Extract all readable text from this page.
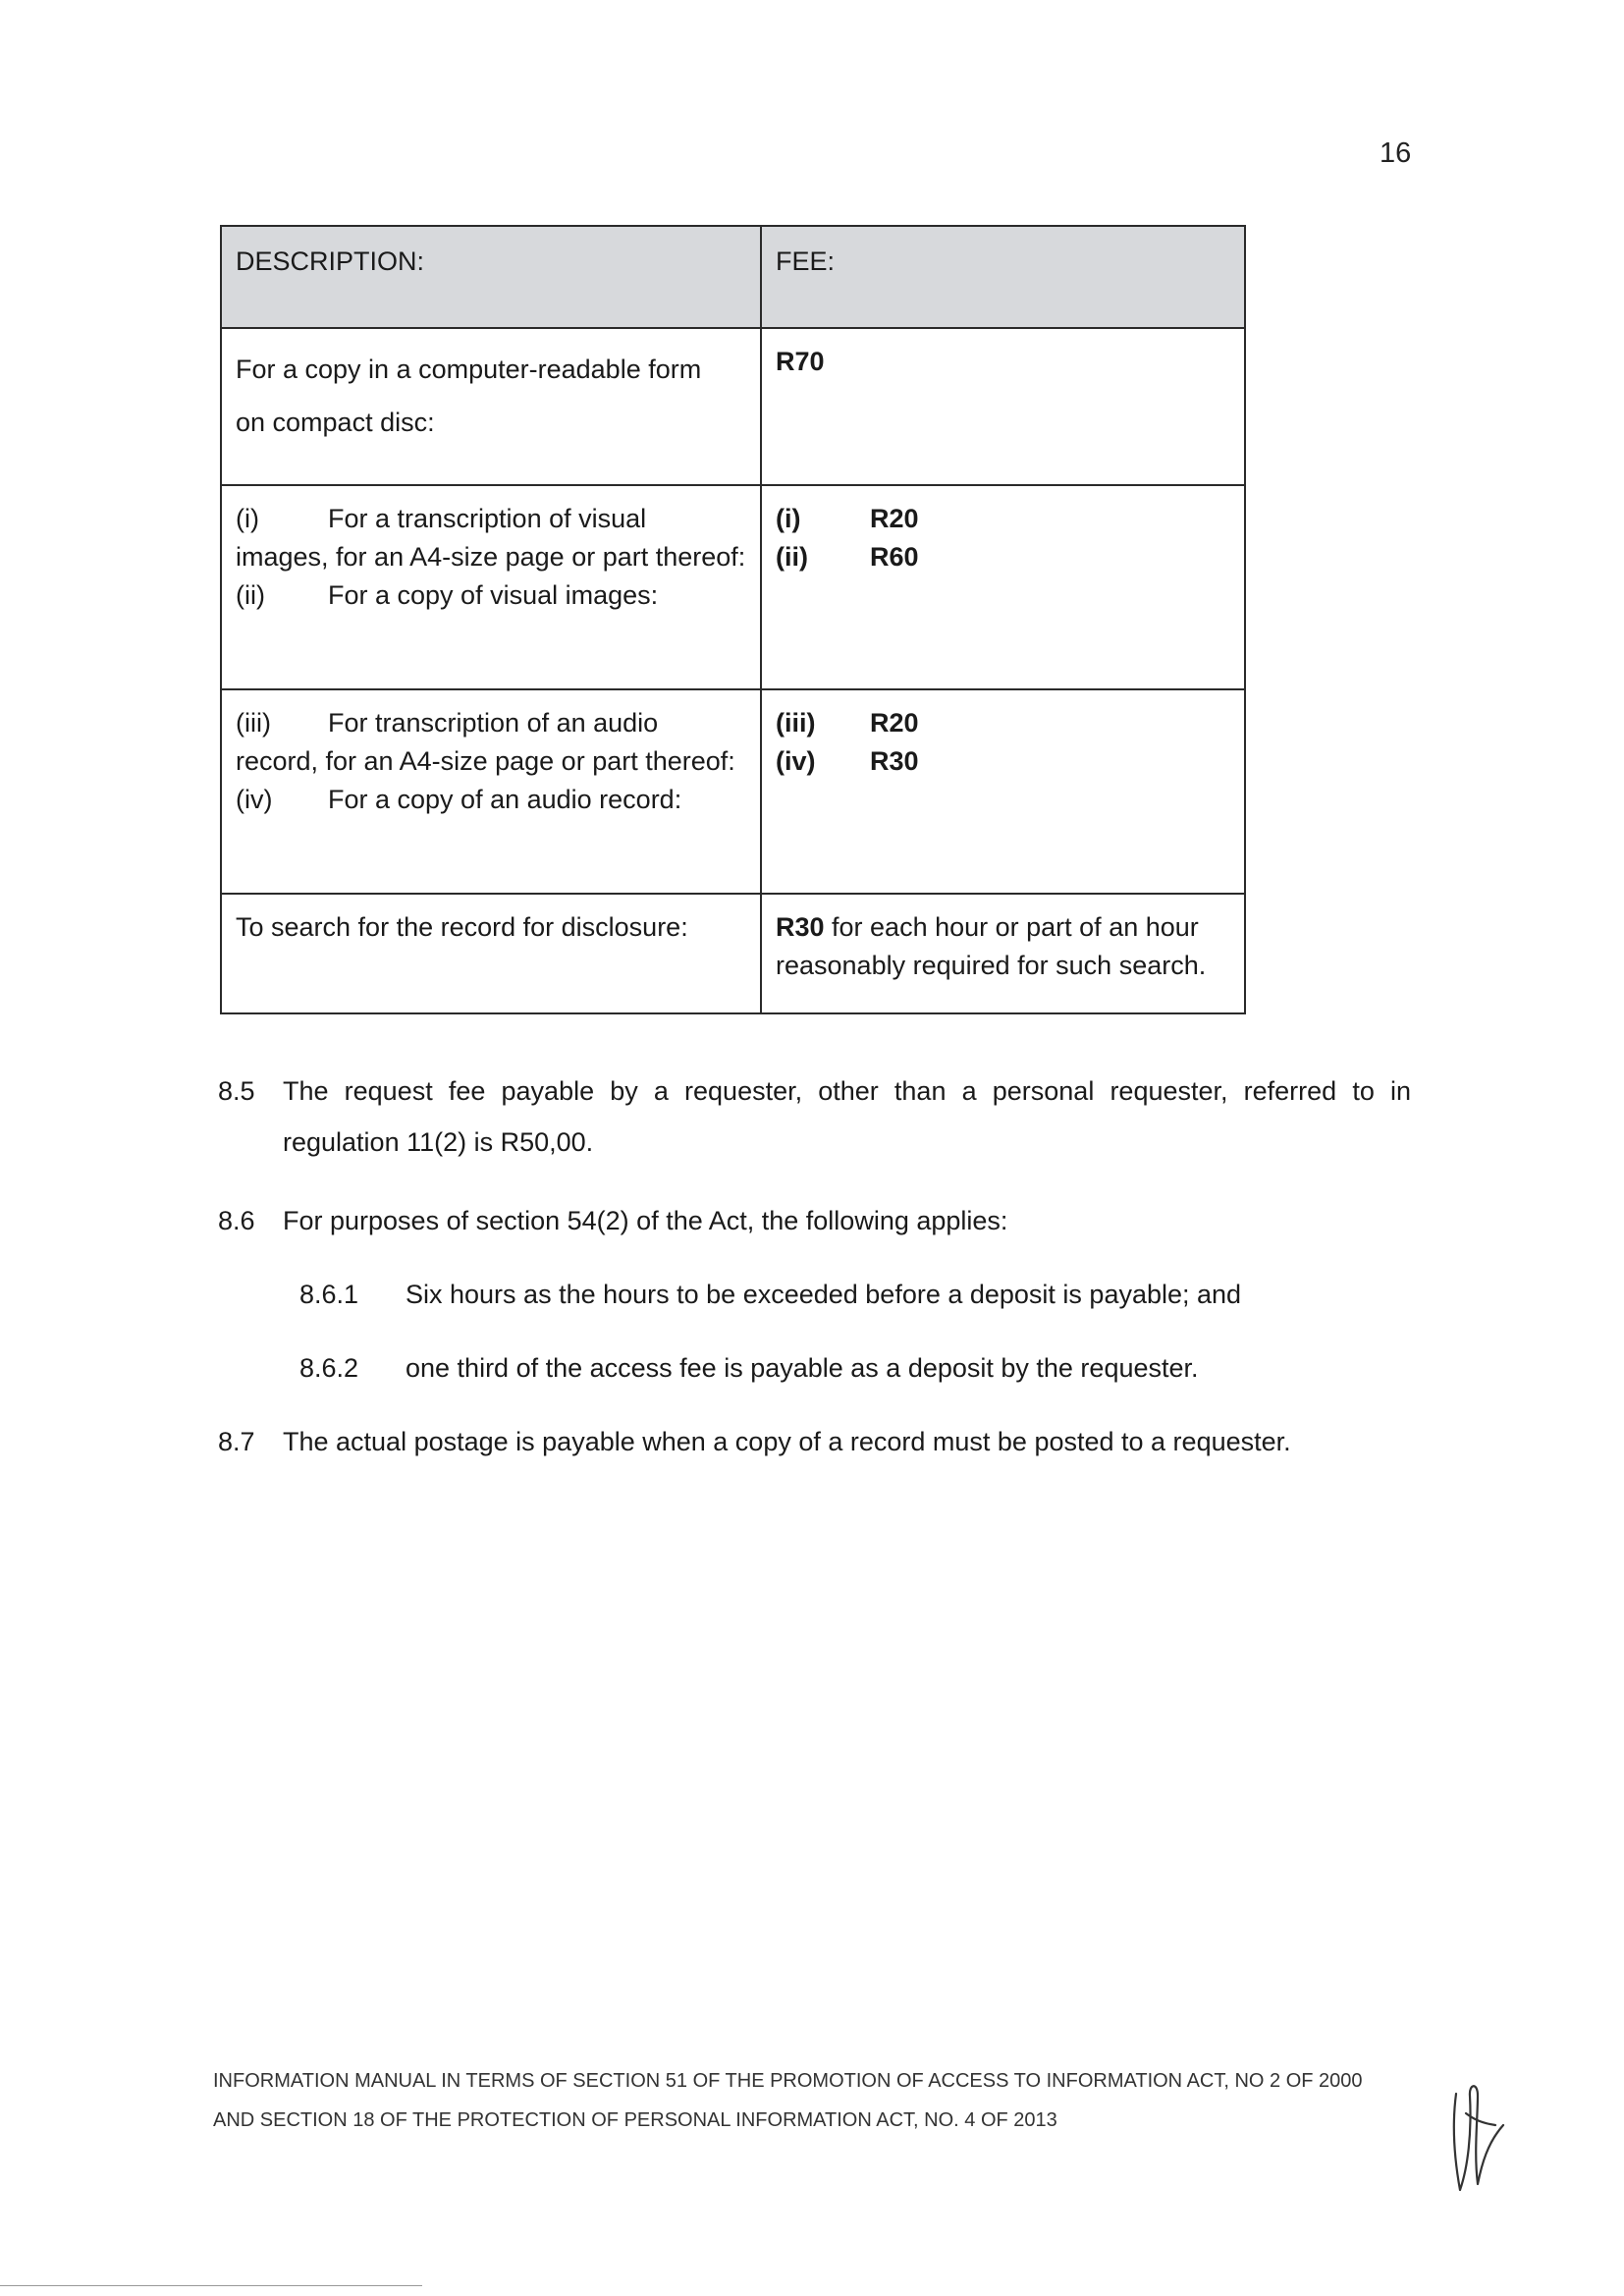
16
DESCRIPTION:	FEE:

For a copy in a computer-readable form
on compact disc:	R70

(i) For a transcription of visual images, for an A4-size page or part thereof:
(ii) For a copy of visual images:	(i) R20
(ii) R60

(iii) For transcription of an audio record, for an A4-size page or part thereof:
(iv) For a copy of an audio record:	(iii) R20
(iv) R30

To search for the record for disclosure:	R30 for each hour or part of an hour reasonably required for such search.
8.5 The request fee payable by a requester, other than a personal requester, referred to in
regulation 11(2) is R50,00.
8.6 For purposes of section 54(2) of the Act, the following applies:
8.6.1 Six hours as the hours to be exceeded before a deposit is payable; and
8.6.2 one third of the access fee is payable as a deposit by the requester.
8.7 The actual postage is payable when a copy of a record must be posted to a requester.
INFORMATION MANUAL IN TERMS OF SECTION 51 OF THE PROMOTION OF ACCESS TO INFORMATION ACT, NO 2 OF 2000
AND SECTION 18 OF THE PROTECTION OF PERSONAL INFORMATION ACT, NO. 4 OF 2013
